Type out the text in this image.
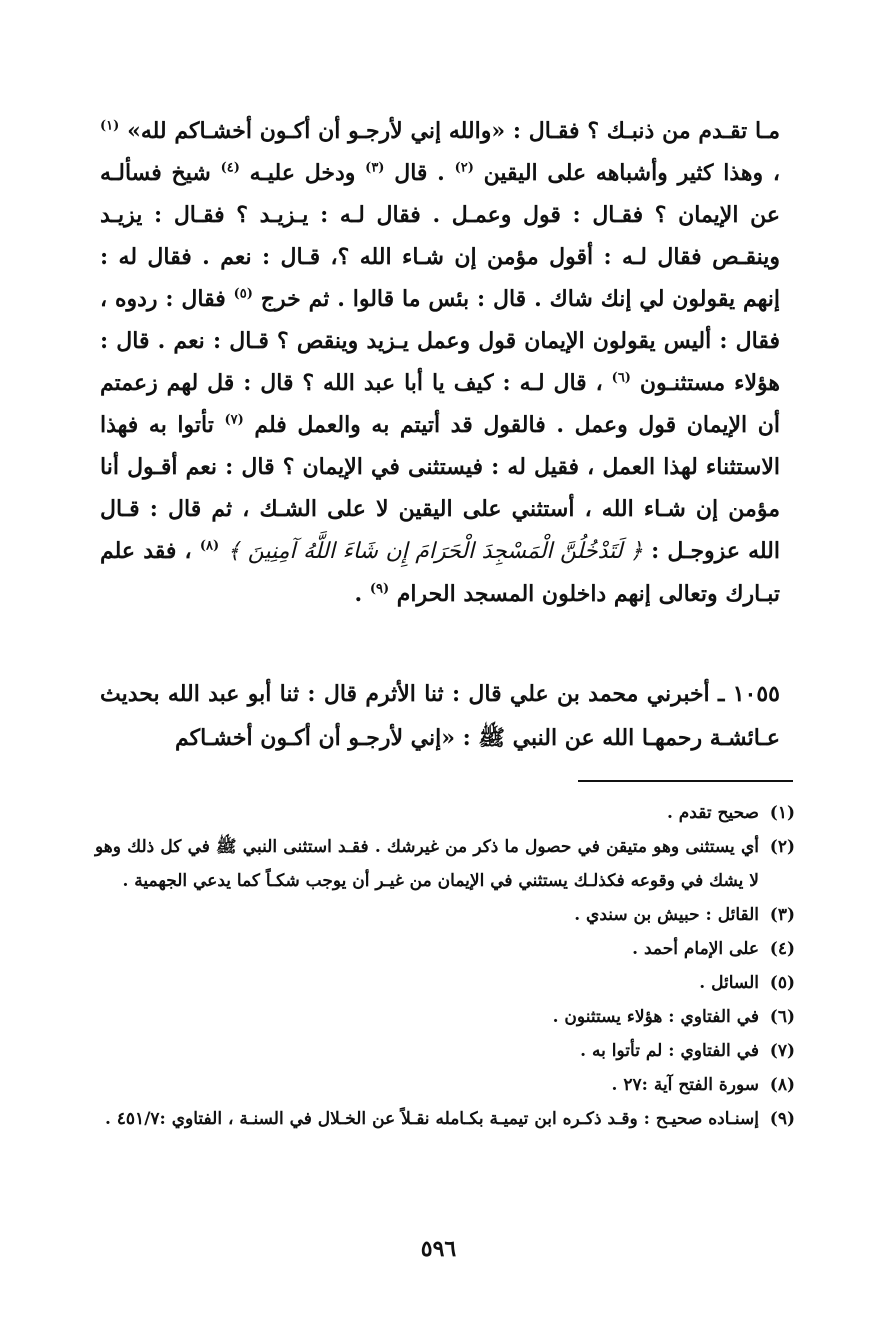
مـا تقـدم من ذنبـك ؟ فقـال : «والله إني لأرجـو أن أكـون أخشـاكم لله» $^{(١)}$ ، وهذا كثير وأشباهه على اليقين $^{(٢)}$ . قال $^{(٣)}$ ودخل عليـه $^{(٤)}$ شيخ فسألـه عن الإيمان ؟ فقـال : قول وعمـل . فقال لـه : يـزيـد ؟ فقـال : يزيـد وينقـص فقال لـه : أقول مؤمن إن شـاء الله ؟، قـال : نعم . فقال له : إنهم يقولون لي إنك شاك . قال : بئس ما قالوا . ثم خرج $^{(٥)}$ فقال : ردوه ، فقال : أليس يقولون الإيمان قول وعمل يـزيد وينقص ؟ قـال : نعم . قال : هؤلاء مستثنـون $^{(٦)}$ ، قال لـه : كيف يا أبا عبد الله ؟ قال : قل لهم زعمتم أن الإيمان قول وعمل . فالقول قد أتيتم به والعمل فلم $^{(٧)}$ تأتوا به فهذا الاستثناء لهذا العمل ، فقيل له : فيستثنى في الإيمان ؟ قال : نعم أقـول أنا مؤمن إن شـاء الله ، أستثني على اليقين لا على الشـك ، ثم قال : قـال الله عزوجـل : ﴿ لَتَدْخُلُنَّ الْمَسْجِدَ الْحَرَامَ إِن شَاءَ اللَّهُ آمِنِينَ ﴾ $^{(٨)}$ ، فقد علم تبـارك وتعالى إنهم داخلون المسجد الحرام $^{(٩)}$ .

١٠٥٥ ـ أخبرني محمد بن علي قال : ثنا الأثرم قال : ثنا أبو عبد الله بحديث عـائشـة رحمهـا الله عن النبي ﷺ : «إني لأرجـو أن أكـون أخشـاكم

(١)
صحيح تقدم .
(٢)
أي يستثنى وهو متيقن في حصول ما ذكر من غيرشك . فقـد استثنى النبي ﷺ في كل ذلك وهو لا يشك في وقوعه فكذلـك يستثني في الإيمان من غيـر أن يوجب شكـاً كما يدعي الجهمية .
(٣)
القائل : حبيش بن سندي .
(٤)
على الإمام أحمد .
(٥)
السائل .
(٦)
في الفتاوي : هؤلاء يستثنون .
(٧)
في الفتاوي : لم تأتوا به .
(٨)
سورة الفتح آية :٢٧ .
(٩)
إسنـاده صحيـح : وقـد ذكـره ابن تيميـة بكـامله نقـلاً عن الخـلال في السنـة ، الفتاوي :٤٥١/٧ .
٥٩٦
